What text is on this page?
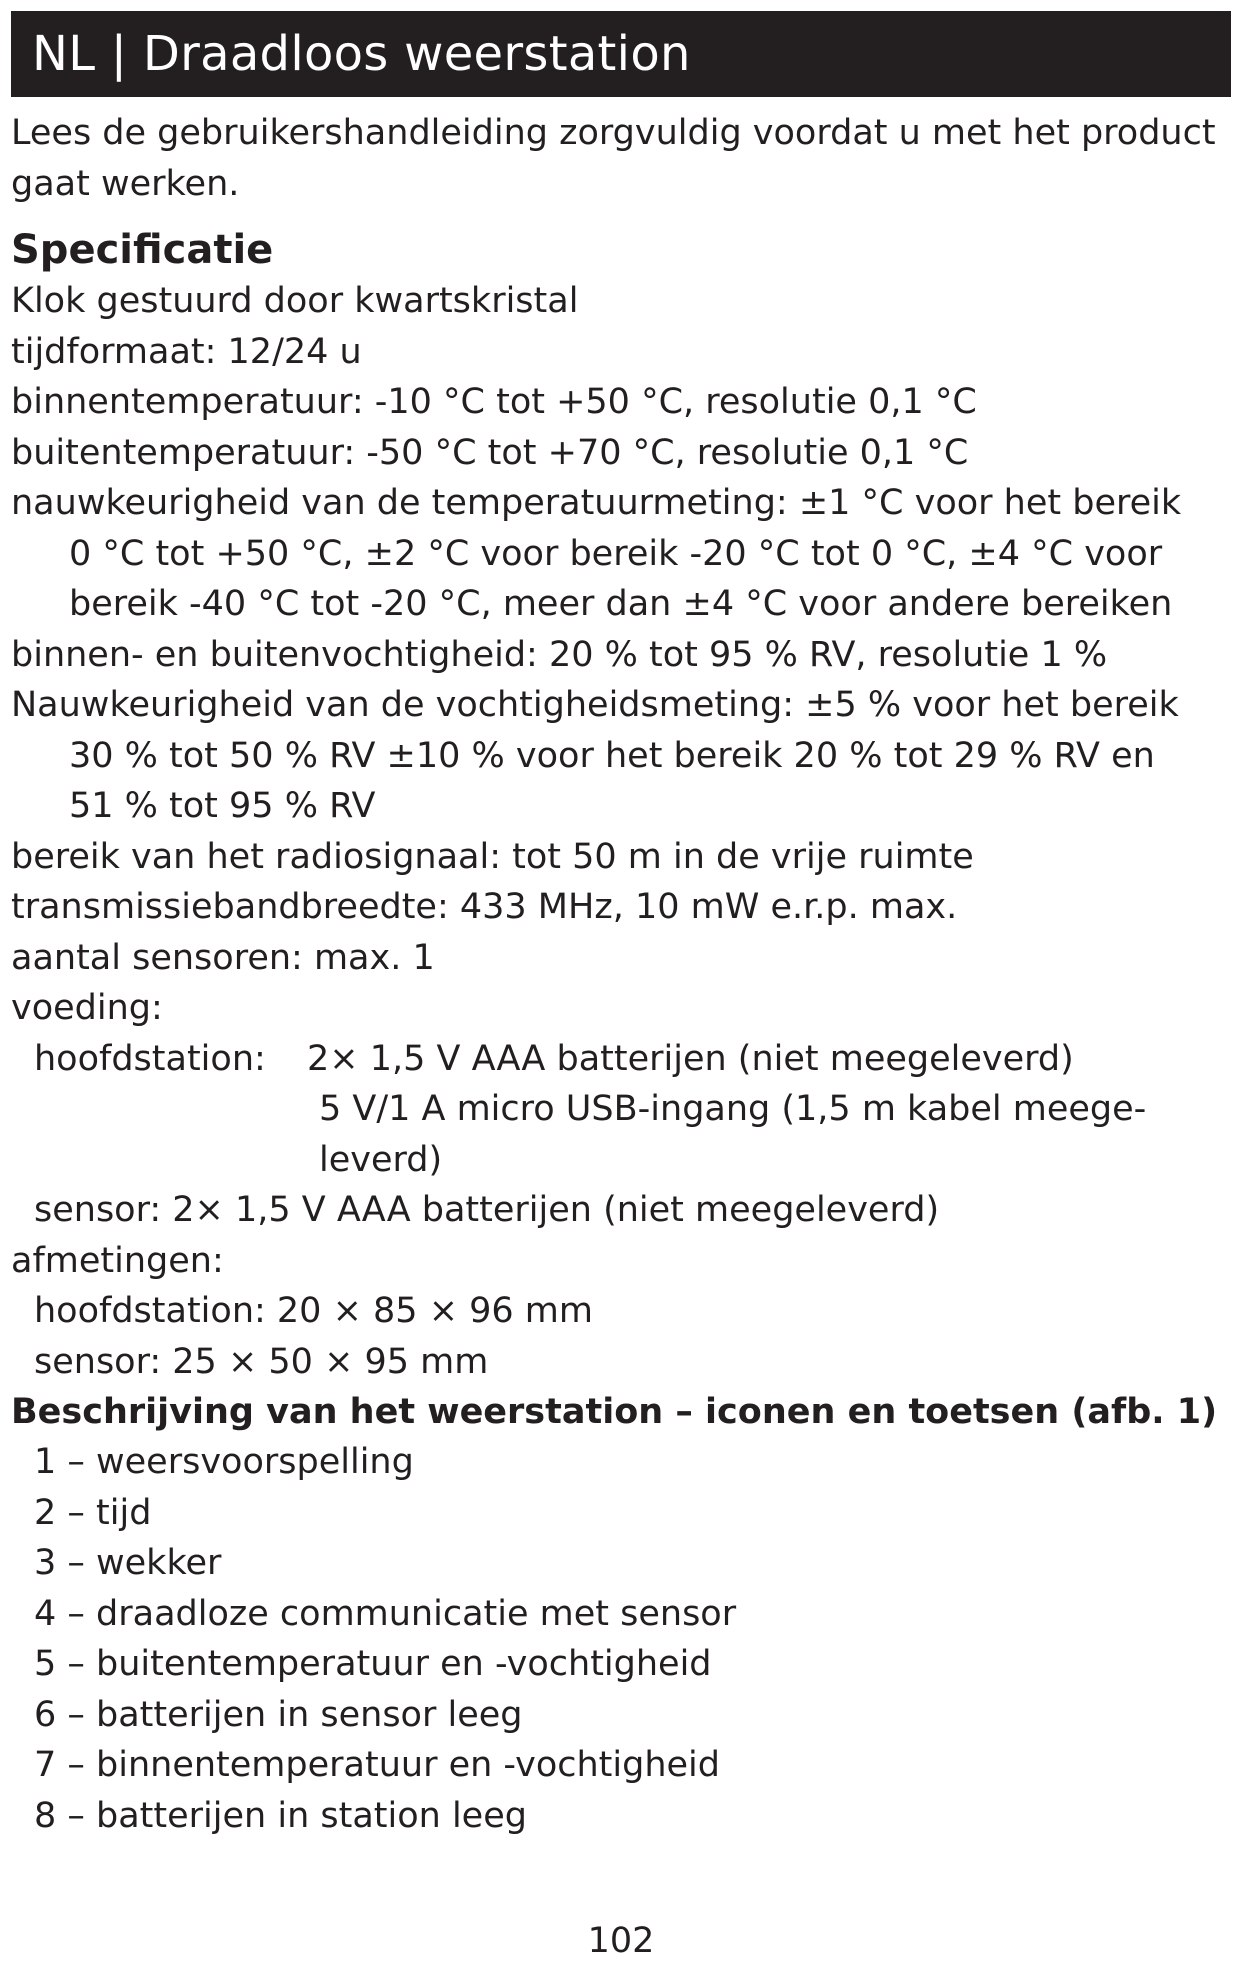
NL | Draadloos weerstation
Lees de gebruikershandleiding zorgvuldig voordat u met het product
gaat werken.
Specificatie
Klok gestuurd door kwartskristal
tijdformaat: 12/24 u
binnentemperatuur: -10 °C tot +50 °C, resolutie 0,1 °C
buitentemperatuur: -50 °C tot +70 °C, resolutie 0,1 °C
nauwkeurigheid van de temperatuurmeting: ±1 °C voor het bereik
0 °C tot +50 °C, ±2 °C voor bereik -20 °C tot 0 °C, ±4 °C voor
bereik -40 °C tot -20 °C, meer dan ±4 °C voor andere bereiken
binnen- en buitenvochtigheid: 20 % tot 95 % RV, resolutie 1 %
Nauwkeurigheid van de vochtigheidsmeting: ±5 % voor het bereik
30 % tot 50 % RV ±10 % voor het bereik 20 % tot 29 % RV en
51 % tot 95 % RV
bereik van het radiosignaal: tot 50 m in de vrije ruimte
transmissiebandbreedte: 433 MHz, 10 mW e.r.p. max.
aantal sensoren: max. 1
voeding:
hoofdstation:	2× 1,5 V AAA batterijen (niet meegeleverd)
5 V/1 A micro USB-ingang (1,5 m kabel meege-
leverd)
sensor: 2× 1,5 V AAA batterijen (niet meegeleverd)
afmetingen:
hoofdstation: 20 × 85 × 96 mm
sensor: 25 × 50 × 95 mm
Beschrijving van het weerstation – iconen en toetsen (afb. 1)
1 – weersvoorspelling
2 – tijd
3 – wekker
4 – draadloze communicatie met sensor
5 – buitentemperatuur en -vochtigheid
6 – batterijen in sensor leeg
7 – binnentemperatuur en -vochtigheid
8 – batterijen in station leeg
102
